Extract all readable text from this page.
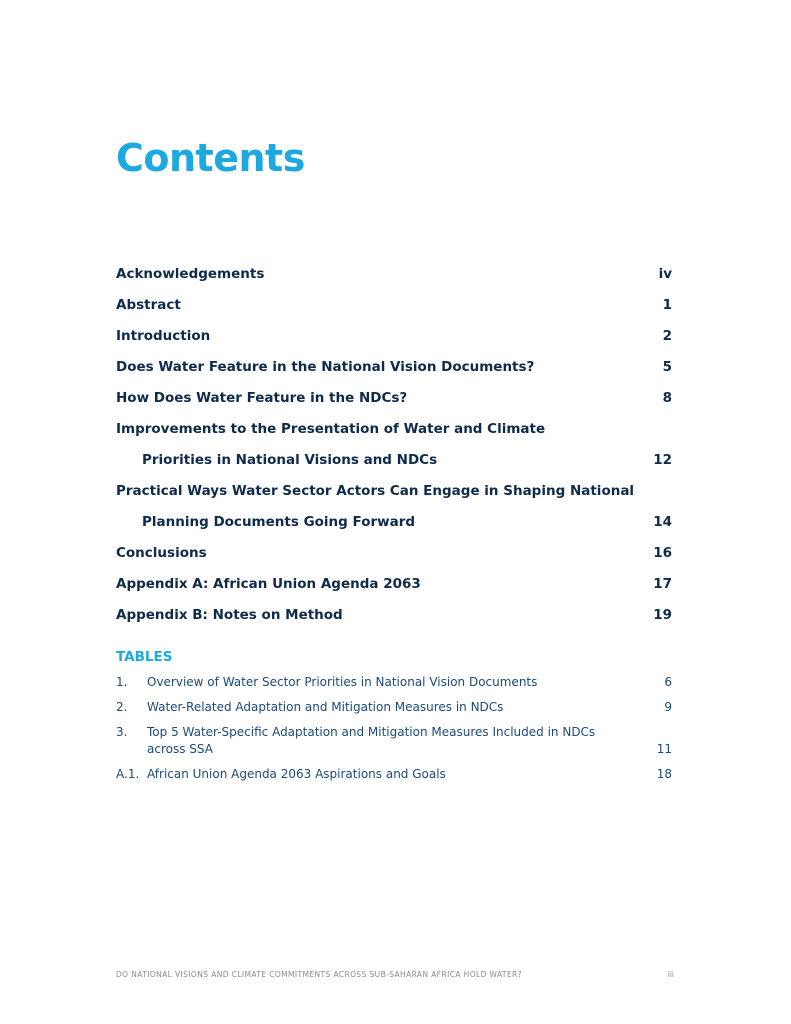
Contents
Acknowledgements	iv
Abstract	1
Introduction	2
Does Water Feature in the National Vision Documents?	5
How Does Water Feature in the NDCs?	8
Improvements to the Presentation of Water and Climate
Priorities in National Visions and NDCs	12
Practical Ways Water Sector Actors Can Engage in Shaping National
Planning Documents Going Forward	14
Conclusions	16
Appendix A: African Union Agenda 2063	17
Appendix B: Notes on Method	19
TABLES
1. Overview of Water Sector Priorities in National Vision Documents	6
2. Water-Related Adaptation and Mitigation Measures in NDCs	9
3. Top 5 Water-Specific Adaptation and Mitigation Measures Included in NDCs across SSA	11
A.1. African Union Agenda 2063 Aspirations and Goals	18
DO NATIONAL VISIONS AND CLIMATE COMMITMENTS ACROSS SUB-SAHARAN AFRICA HOLD WATER?	iii
